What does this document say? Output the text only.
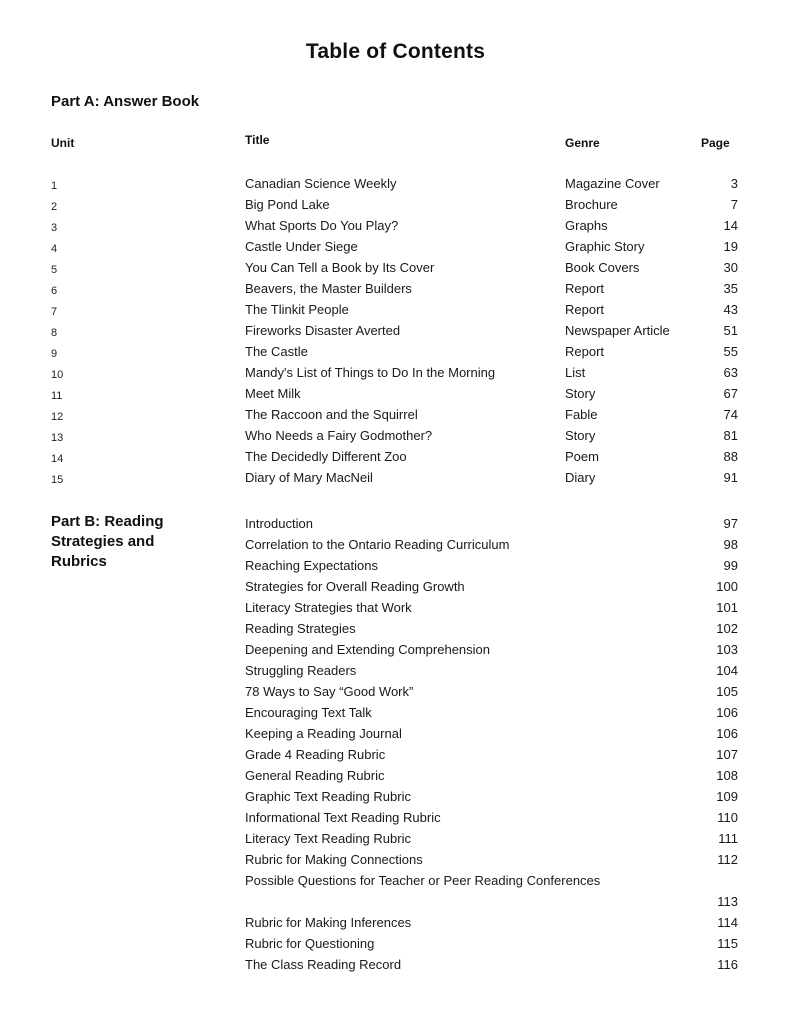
Table of Contents
Part A: Answer Book
Unit	Title	Genre	Page
1	Canadian Science Weekly	Magazine Cover	3
2	Big Pond Lake	Brochure	7
3	What Sports Do You Play?	Graphs	14
4	Castle Under Siege	Graphic Story	19
5	You Can Tell a Book by Its Cover	Book Covers	30
6	Beavers, the Master Builders	Report	35
7	The Tlinkit People	Report	43
8	Fireworks Disaster Averted	Newspaper Article	51
9	The Castle	Report	55
10	Mandy's List of Things to Do In the Morning	List	63
11	Meet Milk	Story	67
12	The Raccoon and the Squirrel	Fable	74
13	Who Needs a Fairy Godmother?	Story	81
14	The Decidedly Different Zoo	Poem	88
15	Diary of Mary MacNeil	Diary	91
Part B: Reading Strategies and Rubrics
Introduction	97
Correlation to the Ontario Reading Curriculum	98
Reaching Expectations	99
Strategies for Overall Reading Growth	100
Literacy Strategies that Work	101
Reading Strategies	102
Deepening and Extending Comprehension	103
Struggling Readers	104
78 Ways to Say “Good Work”	105
Encouraging Text Talk	106
Keeping a Reading Journal	106
Grade 4 Reading Rubric	107
General Reading Rubric	108
Graphic Text Reading Rubric	109
Informational Text Reading Rubric	110
Literacy Text Reading Rubric	111
Rubric for Making Connections	112
Possible Questions for Teacher or Peer Reading Conferences
113
Rubric for Making Inferences	114
Rubric for Questioning	115
The Class Reading Record	116
